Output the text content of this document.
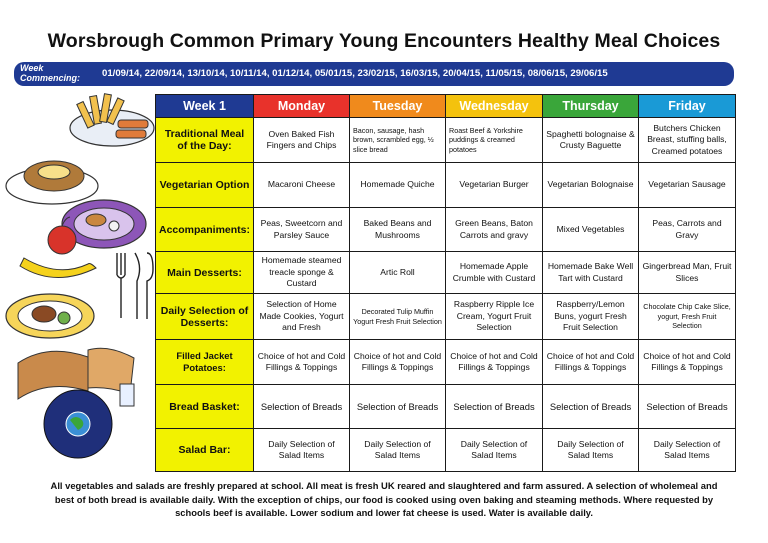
Worsbrough Common Primary Young Encounters Healthy Meal Choices
Week Commencing: 01/09/14, 22/09/14, 13/10/14, 10/11/14, 01/12/14, 05/01/15, 23/02/15, 16/03/15, 20/04/15, 11/05/15, 08/06/15, 29/06/15
Week 1	Monday	Tuesday	Wednesday	Thursday	Friday
Traditional Meal of the Day:	Oven Baked Fish Fingers and Chips	Bacon, sausage, hash brown, scrambled egg, ½ slice bread	Roast Beef & Yorkshire puddings & creamed potatoes	Spaghetti bolognaise & Crusty Baguette	Butchers Chicken Breast, stuffing balls, Creamed potatoes
Vegetarian Option	Macaroni Cheese	Homemade Quiche	Vegetarian Burger	Vegetarian Bolognaise	Vegetarian Sausage
Accompaniments:	Peas, Sweetcorn and Parsley Sauce	Baked Beans and Mushrooms	Green Beans, Baton Carrots and gravy	Mixed Vegetables	Peas, Carrots and Gravy
Main Desserts:	Homemade steamed treacle sponge & Custard	Artic Roll	Homemade Apple Crumble with Custard	Homemade Bake Well Tart with Custard	Gingerbread Man, Fruit Slices
Daily Selection of Desserts:	Selection of Home Made Cookies, Yogurt and Fresh	Decorated Tulip Muffin Yogurt Fresh Fruit Selection	Raspberry Ripple Ice Cream, Yogurt Fruit Selection	Raspberry/Lemon Buns, yogurt Fresh Fruit Selection	Chocolate Chip Cake Slice, yogurt, Fresh Fruit Selection
Filled Jacket Potatoes:	Choice of hot and Cold Fillings & Toppings	Choice of hot and Cold Fillings & Toppings	Choice of hot and Cold Fillings & Toppings	Choice of hot and Cold Fillings & Toppings	Choice of hot and Cold Fillings & Toppings
Bread Basket:	Selection of Breads	Selection of Breads	Selection of Breads	Selection of Breads	Selection of Breads
Salad Bar:	Daily Selection of Salad Items	Daily Selection of Salad Items	Daily Selection of Salad Items	Daily Selection of Salad Items	Daily Selection of Salad Items
All vegetables and salads are freshly prepared at school. All meat is fresh UK reared and slaughtered and farm assured. A selection of wholemeal and best of both bread is available daily. With the exception of chips, our food is cooked using oven baking and steaming methods. Where requested by schools beef is available. Lower sodium and lower fat cheese is used. Water is available daily.
